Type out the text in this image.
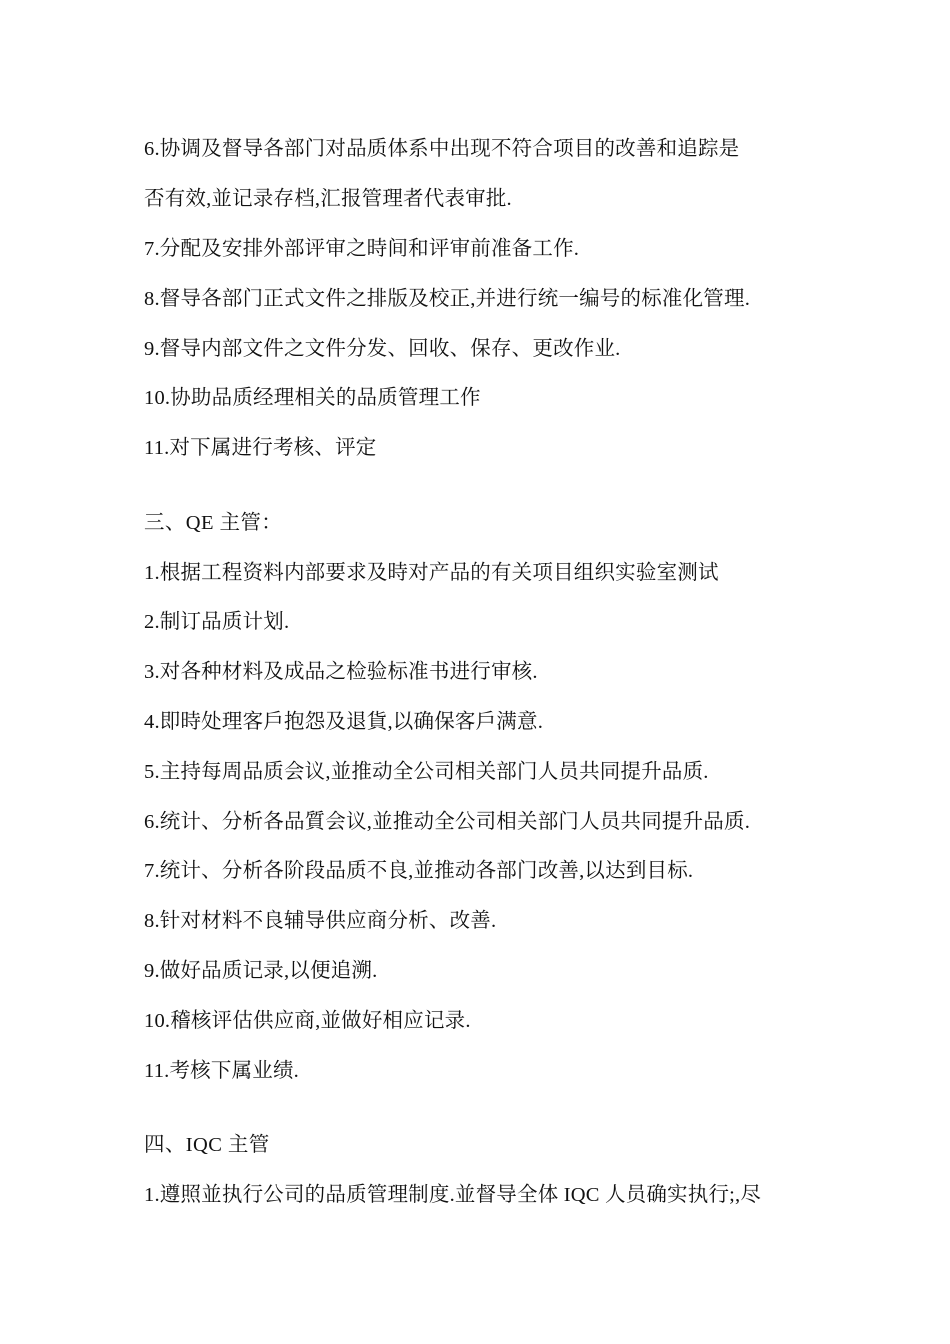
6.协调及督导各部门对品质体系中出现不符合项目的改善和追踪是
否有效,並记录存档,汇报管理者代表审批.
7.分配及安排外部评审之時间和评审前准备工作.
8.督导各部门正式文件之排版及校正,并进行统一编号的标准化管理.
9.督导内部文件之文件分发、回收、保存、更改作业.
10.协助品质经理相关的品质管理工作
11.对下属进行考核、评定
三、QE 主管：
1.根据工程资料内部要求及時对产品的有关项目组织实验室测试
2.制订品质计划.
3.对各种材料及成品之检验标准书进行审核.
4.即時处理客戶抱怨及退貨,以确保客戶满意.
5.主持每周品质会议,並推动全公司相关部门人员共同提升品质.
6.统计、分析各品質会议,並推动全公司相关部门人员共同提升品质.
7.统计、分析各阶段品质不良,並推动各部门改善,以达到目标.
8.针对材料不良辅导供应商分析、改善.
9.做好品质记录,以便追溯.
10.稽核评估供应商,並做好相应记录.
11.考核下属业绩.
四、IQC 主管
1.遵照並执行公司的品质管理制度.並督导全体 IQC 人员确实执行;,尽
